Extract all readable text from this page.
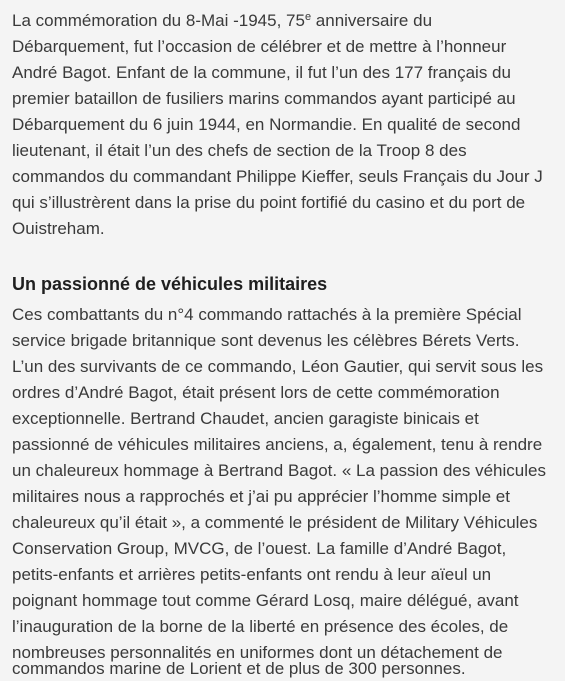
La commémoration du 8-Mai -1945, 75e anniversaire du
Débarquement, fut l’occasion de célébrer et de mettre à l’honneur
André Bagot. Enfant de la commune, il fut l’un des 177 français du
premier bataillon de fusiliers marins commandos ayant participé au
Débarquement du 6 juin 1944, en Normandie. En qualité de second
lieutenant, il était l’un des chefs de section de la Troop 8 des
commandos du commandant Philippe Kieffer, seuls Français du Jour J
qui s’illustrèrent dans la prise du point fortifié du casino et du port de
Ouistreham.
Un passionné de véhicules militaires
Ces combattants du n°4 commando rattachés à la première Spécial
service brigade britannique sont devenus les célèbres Bérets Verts.
L’un des survivants de ce commando, Léon Gautier, qui servit sous les
ordres d’André Bagot, était présent lors de cette commémoration
exceptionnelle. Bertrand Chaudet, ancien garagiste binicais et
passionné de véhicules militaires anciens, a, également, tenu à rendre
un chaleureux hommage à Bertrand Bagot. « La passion des véhicules
militaires nous a rapprochés et j’ai pu apprécier l’homme simple et
chaleureux qu’il était », a commenté le président de Military Véhicules
Conservation Group, MVCG, de l’ouest. La famille d’André Bagot,
petits-enfants et arrières petits-enfants ont rendu à leur aïeul un
poignant hommage tout comme Gérard Losq, maire délégué, avant
l’inauguration de la borne de la liberté en présence des écoles, de
nombreuses personnalités en uniformes dont un détachement de
commandos marine de Lorient et de plus de 300 personnes.
